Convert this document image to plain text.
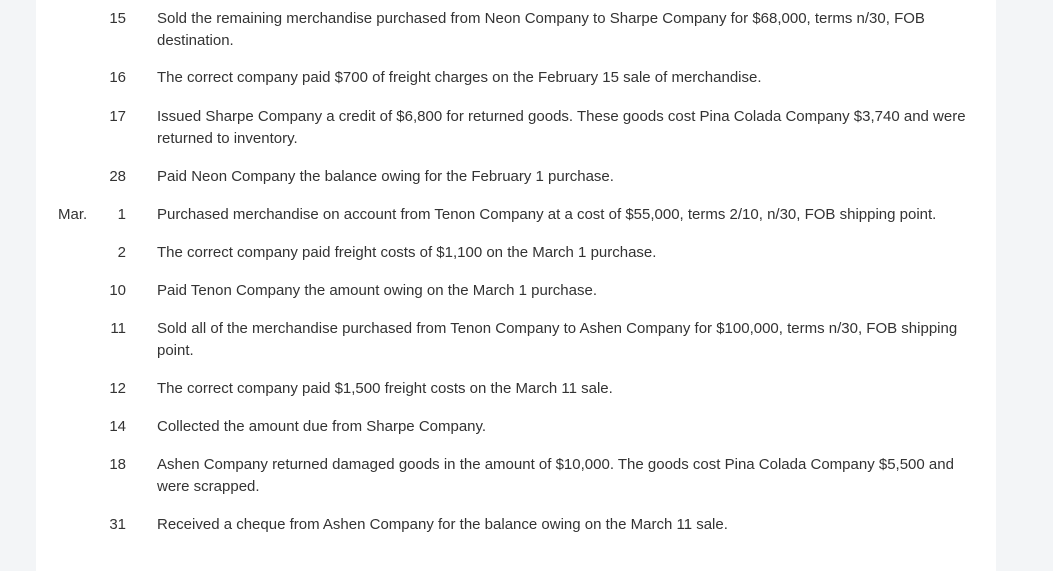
15 Sold the remaining merchandise purchased from Neon Company to Sharpe Company for $68,000, terms n/30, FOB destination.
16 The correct company paid $700 of freight charges on the February 15 sale of merchandise.
17 Issued Sharpe Company a credit of $6,800 for returned goods. These goods cost Pina Colada Company $3,740 and were returned to inventory.
28 Paid Neon Company the balance owing for the February 1 purchase.
Mar.	1 Purchased merchandise on account from Tenon Company at a cost of $55,000, terms 2/10, n/30, FOB shipping point.
2 The correct company paid freight costs of $1,100 on the March 1 purchase.
10 Paid Tenon Company the amount owing on the March 1 purchase.
11 Sold all of the merchandise purchased from Tenon Company to Ashen Company for $100,000, terms n/30, FOB shipping point.
12 The correct company paid $1,500 freight costs on the March 11 sale.
14 Collected the amount due from Sharpe Company.
18 Ashen Company returned damaged goods in the amount of $10,000. The goods cost Pina Colada Company $5,500 and were scrapped.
31 Received a cheque from Ashen Company for the balance owing on the March 11 sale.
